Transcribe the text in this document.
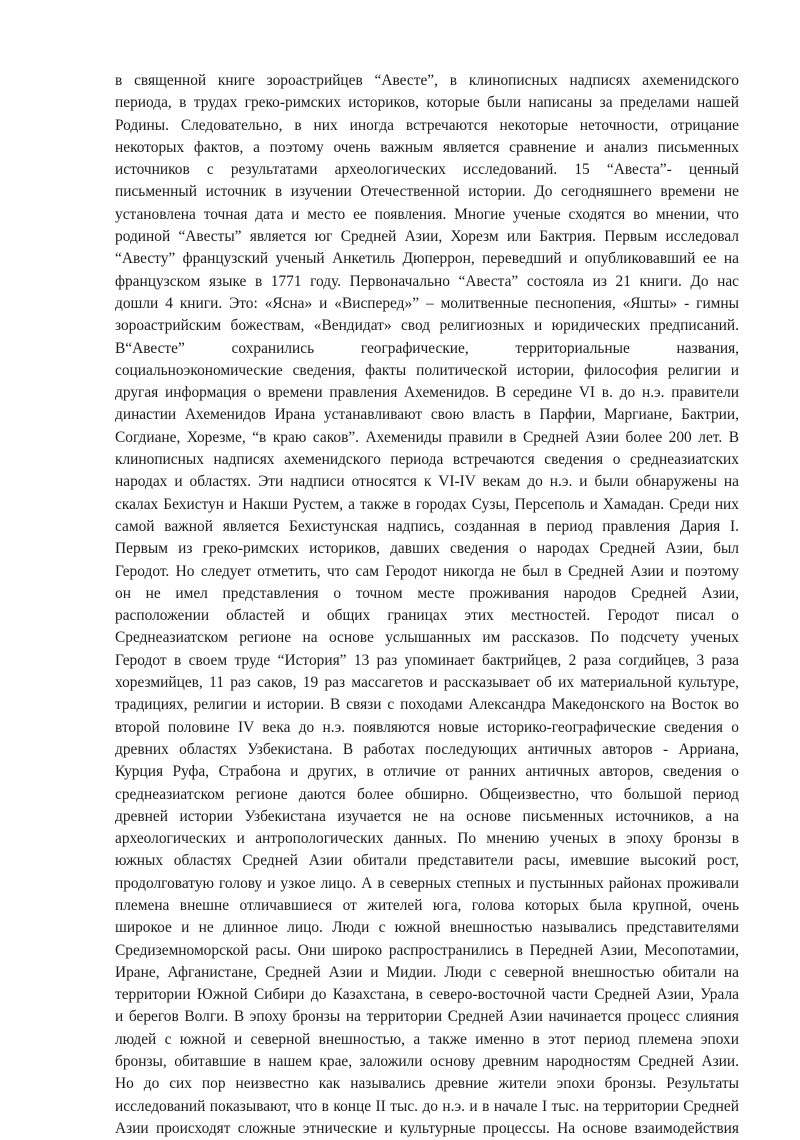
в священной книге зороастрийцев “Авесте”, в клинописных надписях ахеменидского
периода, в трудах греко-римских историков, которые были написаны за пределами нашей
Родины. Следовательно, в них иногда встречаются некоторые неточности, отрицание
некоторых фактов, а поэтому очень важным является сравнение и анализ письменных
источников с результатами археологических исследований. 15 “Авеста”- ценный
письменный источник в изучении Отечественной истории. До сегодняшнего времени не
установлена точная дата и место ее появления. Многие ученые сходятся во мнении, что
родиной “Авесты” является юг Средней Азии, Хорезм или Бактрия. Первым исследовал
“Авесту” французский ученый Анкетиль Дюперрон, переведший и опубликовавший ее на
французском языке в 1771 году. Первоначально “Авеста” состояла из 21 книги. До нас
дошли 4 книги. Это: «Ясна» и «Висперед»” – молитвенные песнопения, «Яшты» - гимны
зороастрийским божествам, «Вендидат» свод религиозных и юридических предписаний.
В“Авесте” сохранились географические, территориальные названия,
социальноэкономические сведения, факты политической истории, философия религии и
другая информация о времени правления Ахеменидов. В середине VI в. до н.э. правители
династии Ахеменидов Ирана устанавливают свою власть в Парфии, Маргиане, Бактрии,
Согдиане, Хорезме, “в краю саков”. Ахемениды правили в Средней Азии более 200 лет. В
клинописных надписях ахеменидского периода встречаются сведения о среднеазиатских
народах и областях. Эти надписи относятся к VI-IV векам до н.э. и были обнаружены на
скалах Бехистун и Накши Рустем, а также в городах Сузы, Персеполь и Хамадан. Среди них
самой важной является Бехистунская надпись, созданная в период правления Дария I.
Первым из греко-римских историков, давших сведения о народах Средней Азии, был
Геродот. Но следует отметить, что сам Геродот никогда не был в Средней Азии и поэтому
он не имел представления о точном месте проживания народов Средней Азии,
расположении областей и общих границах этих местностей. Геродот писал о
Среднеазиатском регионе на основе услышанных им рассказов. По подсчету ученых
Геродот в своем труде “История” 13 раз упоминает бактрийцев, 2 раза согдийцев, 3 раза
хорезмийцев, 11 раз саков, 19 раз массагетов и рассказывает об их материальной культуре,
традициях, религии и истории. В связи с походами Александра Македонского на Восток во
второй половине IV века до н.э. появляются новые историко-географические сведения о
древних областях Узбекистана. В работах последующих античных авторов - Арриана,
Курция Руфа, Страбона и других, в отличие от ранних античных авторов, сведения о
среднеазиатском регионе даются более обширно. Общеизвестно, что большой период
древней истории Узбекистана изучается не на основе письменных источников, а на
археологических и антропологических данных. По мнению ученых в эпоху бронзы в
южных областях Средней Азии обитали представители расы, имевшие высокий рост,
продолговатую голову и узкое лицо. А в северных степных и пустынных районах проживали
племена внешне отличавшиеся от жителей юга, голова которых была крупной, очень
широкое и не длинное лицо. Люди с южной внешностью назывались представителями
Средиземноморской расы. Они широко распространились в Передней Азии, Месопотамии,
Иране, Афганистане, Средней Азии и Мидии. Люди с северной внешностью обитали на
территории Южной Сибири до Казахстана, в северо-восточной части Средней Азии, Урала
и берегов Волги. В эпоху бронзы на территории Средней Азии начинается процесс слияния
людей с южной и северной внешностью, а также именно в этот период племена эпохи
бронзы, обитавшие в нашем крае, заложили основу древним народностям Средней Азии.
Но до сих пор неизвестно как назывались древние жители эпохи бронзы. Результаты
исследований показывают, что в конце II тыс. до н.э. и в начале I тыс. на территории Средней
Азии происходят сложные этнические и культурные процессы. На основе взаимодействия
